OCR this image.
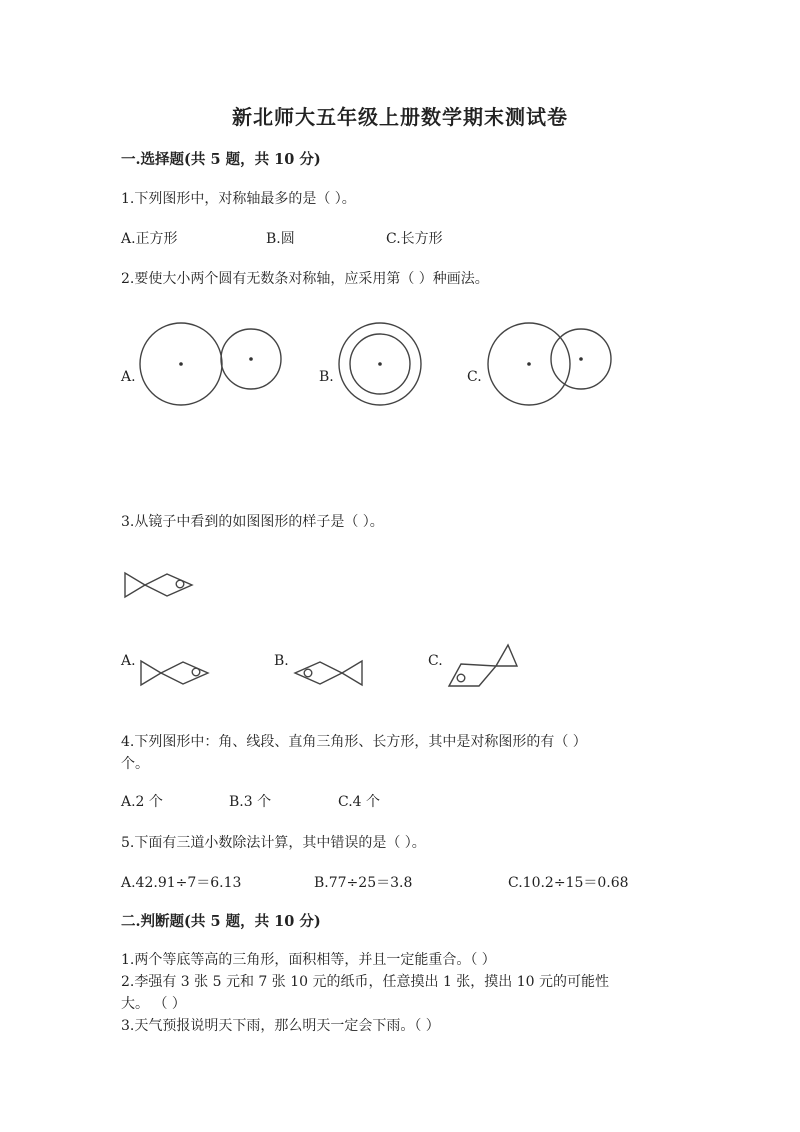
新北师大五年级上册数学期末测试卷
一.选择题(共 5 题，共 10 分)
1.下列图形中，对称轴最多的是（ ）。
A.正方形	B.圆	C.长方形
2.要使大小两个圆有无数条对称轴，应采用第（ ）种画法。
A.	B.	C.
3.从镜子中看到的如图图形的样子是（ ）。
A.	B.	C.
4.下列图形中：角、线段、直角三角形、长方形，其中是对称图形的有（ ）
个。
A.2 个	B.3 个	C.4 个
5.下面有三道小数除法计算，其中错误的是（ ）。
A.42.91÷7＝6.13	B.77÷25＝3.8	C.10.2÷15＝0.68
二.判断题(共 5 题，共 10 分)
1.两个等底等高的三角形，面积相等，并且一定能重合。（ ）
2.李强有 3 张 5 元和 7 张 10 元的纸币，任意摸出 1 张，摸出 10 元的可能性
大。 （ ）
3.天气预报说明天下雨，那么明天一定会下雨。（ ）
